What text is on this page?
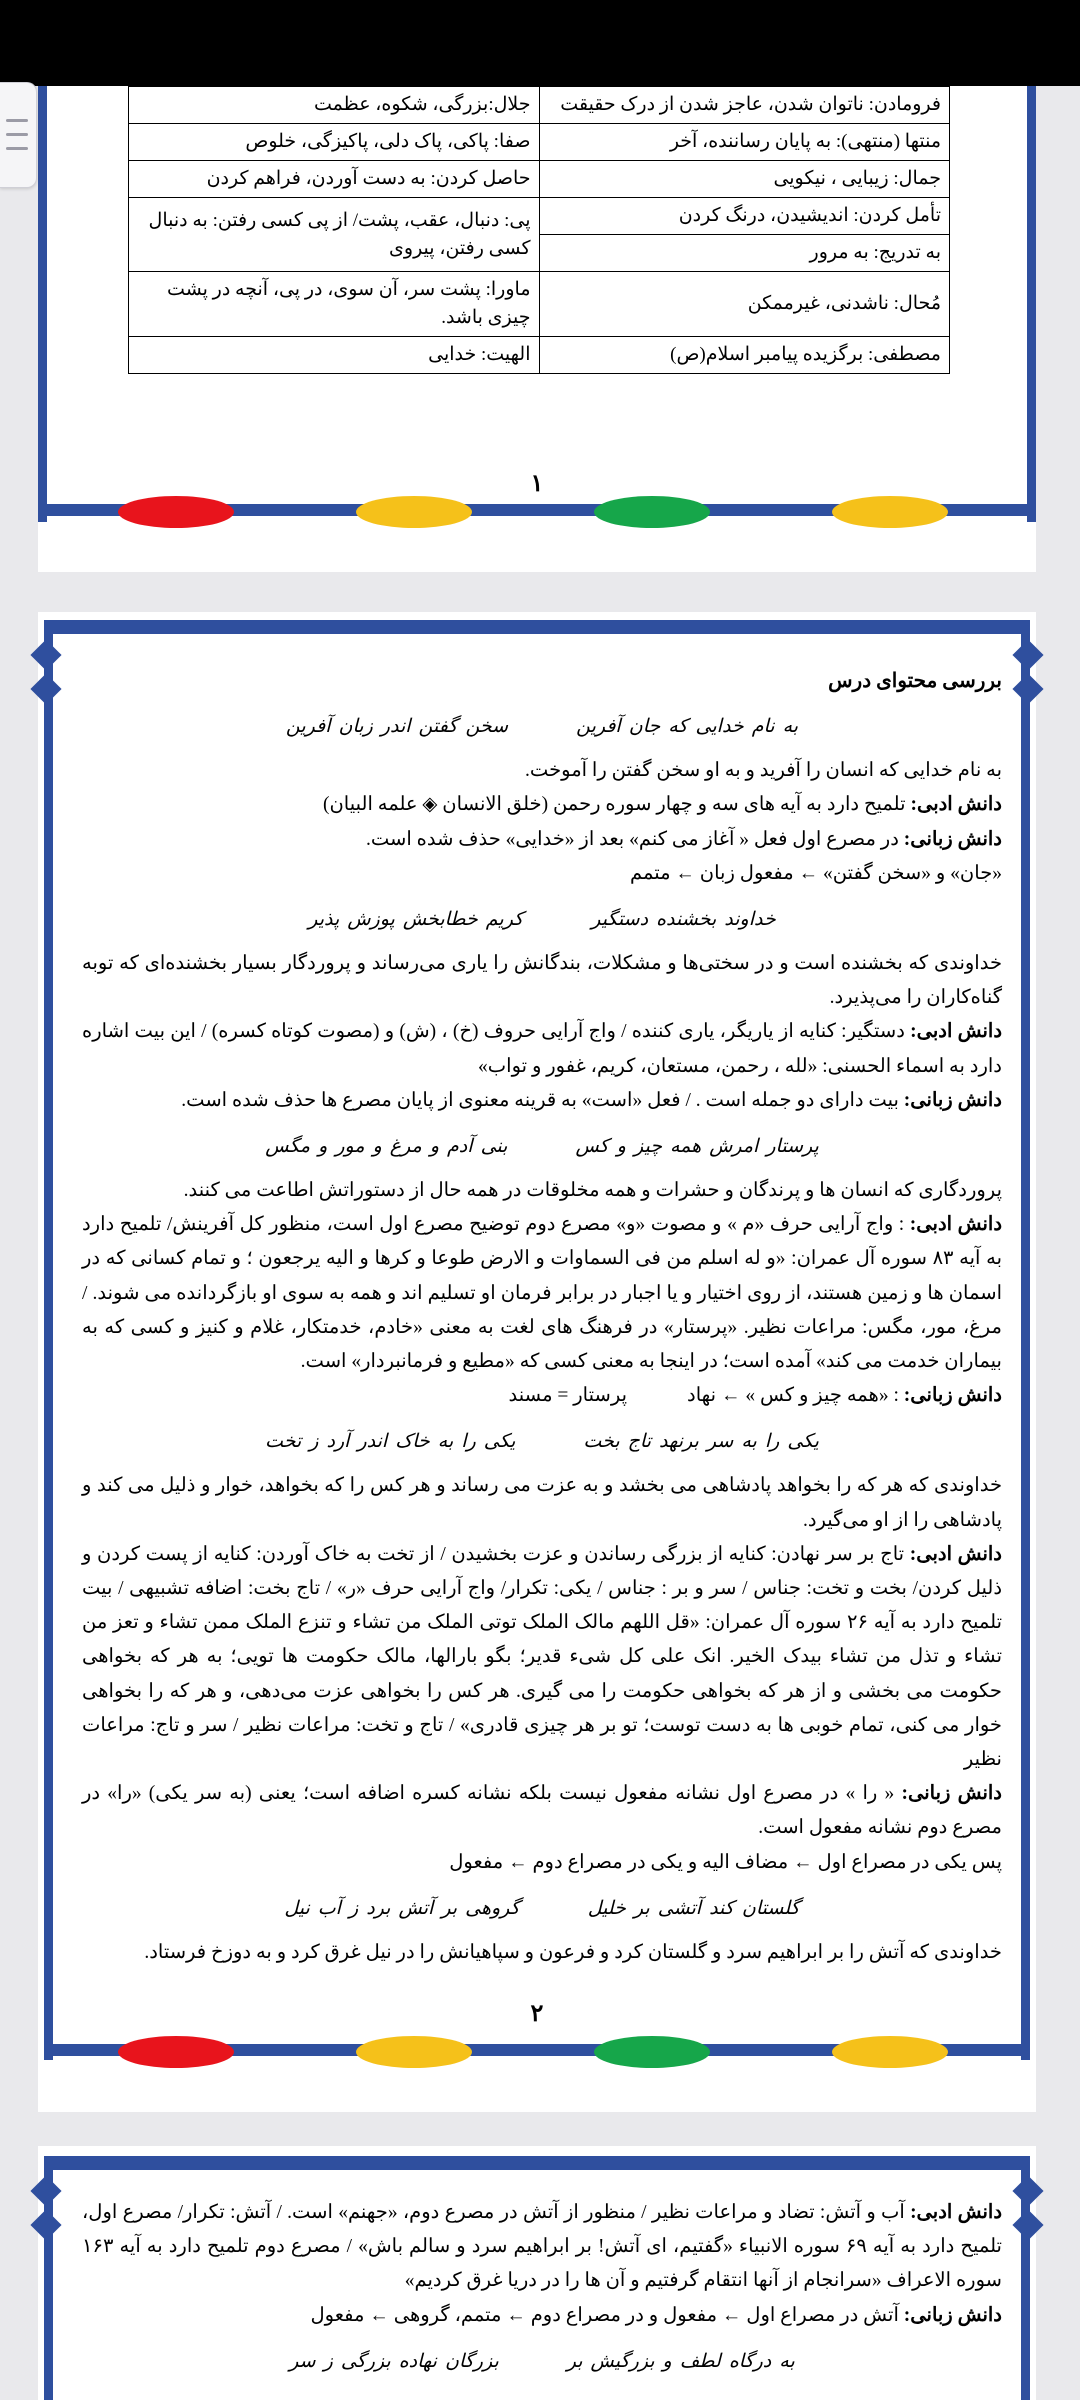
فرومادن: ناتوان شدن، عاجز شدن از درک حقیقت	جلال:بزرگی، شکوه، عظمت
منتها (منتهی): به پایان رساننده، آخر	صفا: پاکی، پاک دلی، پاکیزگی، خلوص
جمال: زیبایی ، نیکویی	حاصل کردن: به دست آوردن، فراهم کردن
تأمل کردن: اندیشیدن، درنگ کردن	پی: دنبال، عقب، پشت/ از پی کسی رفتن: به دنبال کسی رفتن، پیروی
به تدریج: به مرور	
مُحال: ناشدنی، غیرممکن	ماورا: پشت سر، آن سوی، در پی، آنچه در پشت چیزی باشد.
مصطفی: برگزیده پیامبر اسلام(ص)	الهیت: خدایی
۱

بررسی محتوای درس

به نام خدایی که جان آفرینسخن گفتن اندر زبان آفرین

به نام خدایی که انسان را آفرید و به او سخن گفتن را آموخت.

دانش ادبی: تلمیح دارد به آیه های سه و چهار سوره رحمن (خلق الانسان ◈ علمه البیان)

دانش زبانی: در مصرع اول فعل « آغاز می کنم» بعد از «خدایی» حذف شده است.

«جان» و «سخن گفتن» ← مفعول زبان ← متمم

خداوند بخشنده دستگیرکریم خطابخش پوزش پذیر

خداوندی که بخشنده است و در سختی‌ها و مشکلات، بندگانش را یاری می‌رساند و پروردگار بسیار بخشنده‌ای که توبه گناه‌کاران را می‌پذیرد.

دانش ادبی: دستگیر: کنایه از یاریگر، یاری کننده / واج آرایی حروف (خ) ، (ش) و (مصوت کوتاه کسره) / این بیت اشاره دارد به اسماء الحسنی: «لله ، رحمن، مستعان، کریم، غفور و تواب»

دانش زبانی: بیت دارای دو جمله است . / فعل «است» به قرینه معنوی از پایان مصرع ها حذف شده است.

پرستار امرش همه چیز و کسبنی آدم و مرغ و مور و مگس

پروردگاری که انسان ها و پرندگان و حشرات و همه مخلوقات در همه حال از دستوراتش اطاعت می کنند.

دانش ادبی: : واج آرایی حرف «م » و مصوت «و» مصرع دوم توضیح مصرع اول است، منظور کل آفرینش/ تلمیح دارد به آیه ۸۳ سوره آل عمران: «و له اسلم من فی السماوات و الارض طوعا و کرها و الیه یرجعون ؛ و تمام کسانی که در اسمان ها و زمین هستند، از روی اختیار و یا اجبار در برابر فرمان او تسلیم اند و همه به سوی او بازگردانده می شوند. / مرغ، مور، مگس: مراعات نظیر. «پرستار» در فرهنگ های لغت به معنی «خادم، خدمتکار، غلام و کنیز و کسی که به بیماران خدمت می کند» آمده است؛ در اینجا به معنی کسی که «مطیع و فرمانبردار» است.

دانش زبانی: : «همه چیز و کس » ← نهادپرستار = مسند

یکی را به سر برنهد تاج بختیکی را به خاک اندر آرد ز تخت

خداوندی که هر که را بخواهد پادشاهی می بخشد و به عزت می رساند و هر کس را که بخواهد، خوار و ذلیل می کند و پادشاهی را از او می‌گیرد.

دانش ادبی: تاج بر سر نهادن: کنایه از بزرگی رساندن و عزت بخشیدن / از تخت به خاک آوردن: کنایه از پست کردن و ذلیل کردن/ بخت و تخت: جناس / سر و بر : جناس / یکی: تکرار/ واج آرایی حرف «ر» / تاج بخت: اضافه تشبیهی / بیت تلمیح دارد به آیه ۲۶ سوره آل عمران: «قل اللهم مالک الملک توتی الملک من تشاء و تنزع الملک ممن تشاء و تعز من تشاء و تذل من تشاء بیدک الخیر. انک علی کل شیء قدیر؛ بگو بارالها، مالک حکومت ها تویی؛ به هر که بخواهی حکومت می بخشی و از هر که بخواهی حکومت را می گیری. هر کس را بخواهی عزت می‌دهی، و هر که را بخواهی خوار می کنی، تمام خوبی ها به دست توست؛ تو بر هر چیزی قادری» / تاج و تخت: مراعات نظیر / سر و تاج: مراعات نظیر

دانش زبانی: « را » در مصرع اول نشانه مفعول نیست بلکه نشانه کسره اضافه است؛ یعنی (به سر یکی) «را» در مصرع دوم نشانه مفعول است.

پس یکی در مصراع اول ← مضاف الیه و یکی در مصراع دوم ← مفعول

گلستان کند آتشی بر خلیلگروهی بر آتش برد ز آب نیل

خداوندی که آتش را بر ابراهیم سرد و گلستان کرد و فرعون و سپاهیانش را در نیل غرق کرد و به دوزخ فرستاد.

۲

دانش ادبی: آب و آتش: تضاد و مراعات نظیر / منظور از آتش در مصرع دوم، «جهنم» است. / آتش: تکرار/ مصرع اول، تلمیح دارد به آیه ۶۹ سوره الانبیاء «گفتیم، ای آتش! بر ابراهیم سرد و سالم باش» / مصرع دوم تلمیح دارد به آیه ۱۶۳ سوره الاعراف «سرانجام از آنها انتقام گرفتیم و آن ها را در دریا غرق کردیم»

دانش زبانی: آتش در مصراع اول ← مفعول و در مصراع دوم ← متمم، گروهی ← مفعول

به درگاه لطف و بزرگیش بربزرگان نهاده بزرگی ز سر
